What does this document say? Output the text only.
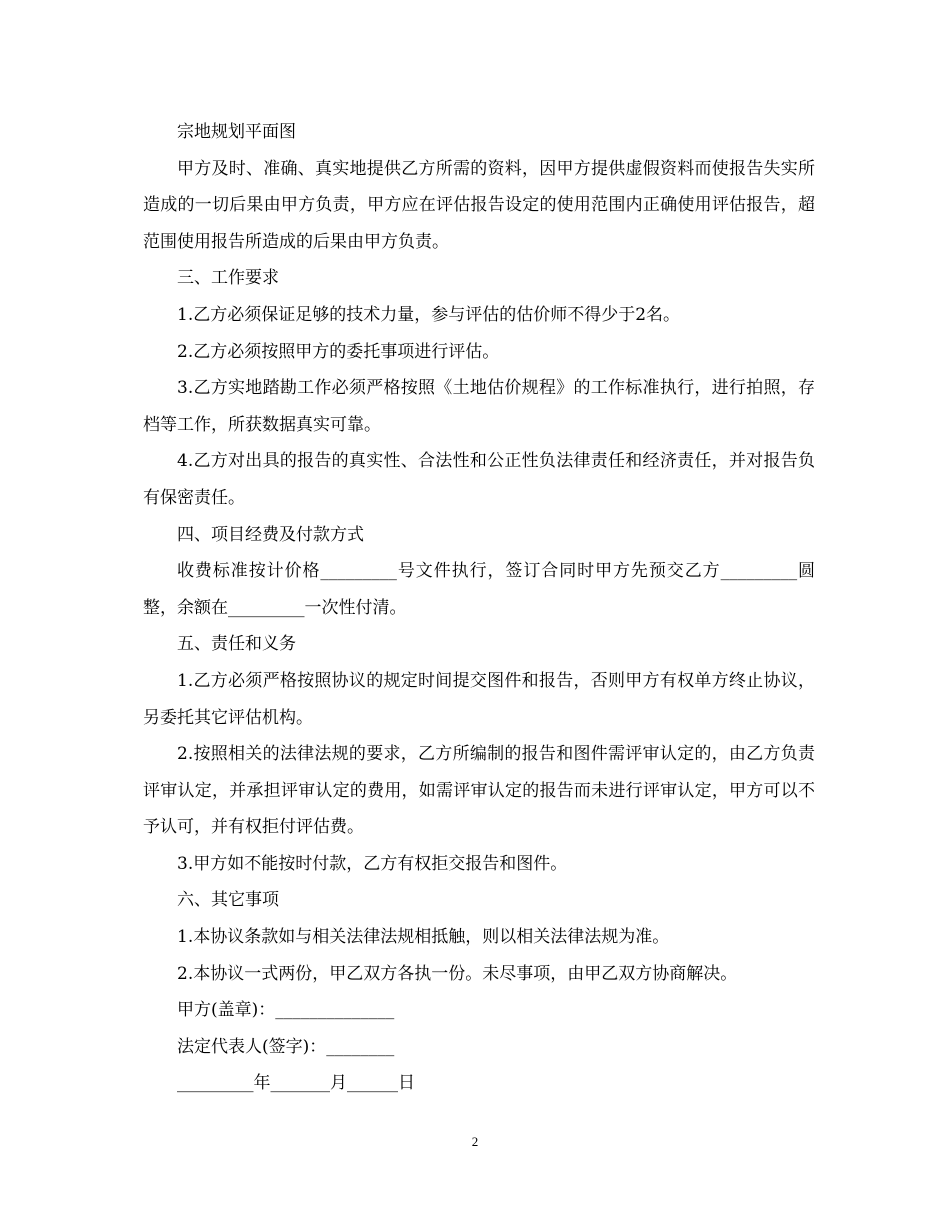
宗地规划平面图

甲方及时、准确、真实地提供乙方所需的资料，因甲方提供虚假资料而使报告失实所造成的一切后果由甲方负责，甲方应在评估报告设定的使用范围内正确使用评估报告，超范围使用报告所造成的后果由甲方负责。

三、工作要求

1.乙方必须保证足够的技术力量，参与评估的估价师不得少于2名。

2.乙方必须按照甲方的委托事项进行评估。

3.乙方实地踏勘工作必须严格按照《土地估价规程》的工作标准执行，进行拍照，存档等工作，所获数据真实可靠。

4.乙方对出具的报告的真实性、合法性和公正性负法律责任和经济责任，并对报告负有保密责任。

四、项目经费及付款方式

收费标准按计价格_________号文件执行，签订合同时甲方先预交乙方_________圆整，余额在_________一次性付清。

五、责任和义务

1.乙方必须严格按照协议的规定时间提交图件和报告，否则甲方有权单方终止协议，另委托其它评估机构。

2.按照相关的法律法规的要求，乙方所编制的报告和图件需评审认定的，由乙方负责评审认定，并承担评审认定的费用，如需评审认定的报告而未进行评审认定，甲方可以不予认可，并有权拒付评估费。

3.甲方如不能按时付款，乙方有权拒交报告和图件。

六、其它事项

1.本协议条款如与相关法律法规相抵触，则以相关法律法规为准。

2.本协议一式两份，甲乙双方各执一份。未尽事项，由甲乙双方协商解决。

甲方(盖章)：______________

法定代表人(签字)：________

_________年_______月______日

2
